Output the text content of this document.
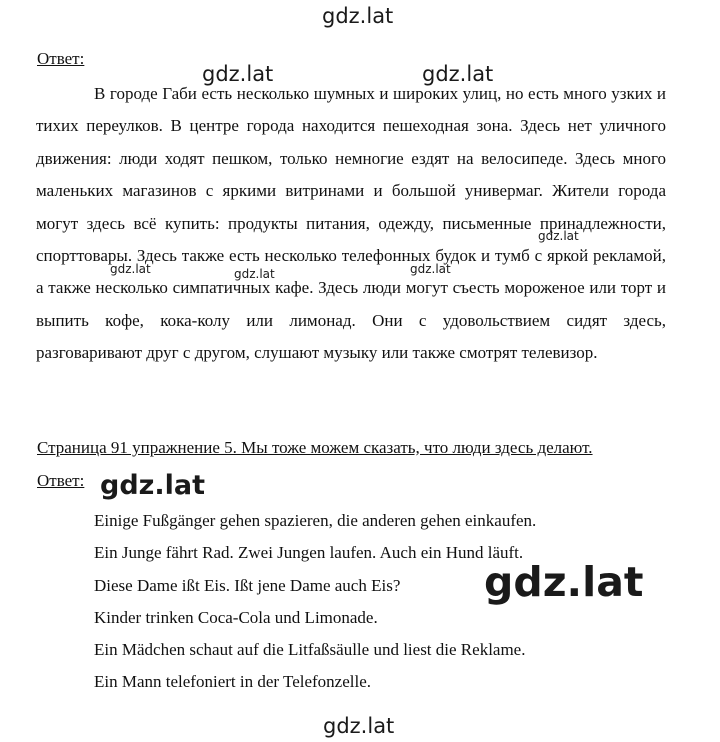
gdz.lat
Ответ:

В городе Габи есть несколько шумных и широких улиц, но есть много узких и тихих переулков. В центре города находится пешеходная зона. Здесь нет уличного движения: люди ходят пешком, только немногие ездят на велосипеде. Здесь много маленьких магазинов с яркими витринами и большой универмаг. Жители города могут здесь всё купить: продукты питания, одежду, письменные принадлежности, спорттовары. Здесь также есть несколько телефонных будок и тумб с яркой рекламой, а также несколько симпатичных кафе. Здесь люди могут съесть мороженое или торт и выпить кофе, кока-колу или лимонад. Они с удовольствием сидят здесь, разговаривают друг с другом, слушают музыку или также смотрят телевизор.

gdz.lat	gdz.lat
gdz.lat
gdz.lat	gdz.lat	gdz.lat
Страница 91 упражнение 5. Мы тоже можем сказать, что люди здесь делают.
Ответ: gdz.lat
Einige Fußgänger gehen spazieren, die anderen gehen einkaufen.
Ein Junge fährt Rad. Zwei Jungen laufen. Auch ein Hund läuft.
Diese Dame ißt Eis. Ißt jene Dame auch Eis?
Kinder trinken Coca-Cola und Limonade.
Ein Mädchen schaut auf die Litfaßsäulle und liest die Reklame.
Ein Mann telefoniert in der Telefonzelle.
gdz.lat
gdz.lat
